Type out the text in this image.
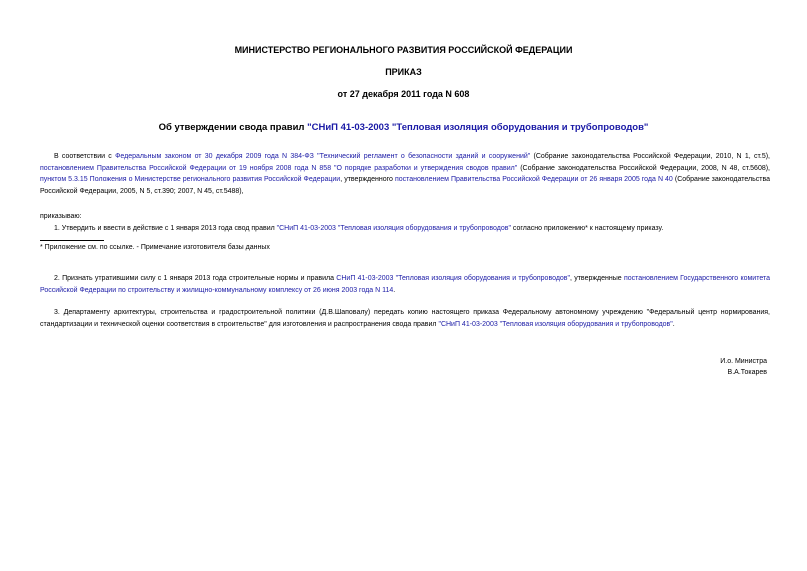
МИНИСТЕРСТВО РЕГИОНАЛЬНОГО РАЗВИТИЯ РОССИЙСКОЙ ФЕДЕРАЦИИ
ПРИКАЗ
от 27 декабря 2011 года N 608
Об утверждении свода правил "СНиП 41-03-2003 "Тепловая изоляция оборудования и трубопроводов"
В соответствии с Федеральным законом от 30 декабря 2009 года N 384-ФЗ "Технический регламент о безопасности зданий и сооружений" (Собрание законодательства Российской Федерации, 2010, N 1, ст.5), постановлением Правительства Российской Федерации от 19 ноября 2008 года N 858 "О порядке разработки и утверждения сводов правил" (Собрание законодательства Российской Федерации, 2008, N 48, ст.5608), пунктом 5.3.15 Положения о Министерстве регионального развития Российской Федерации, утвержденного постановлением Правительства Российской Федерации от 26 января 2005 года N 40 (Собрание законодательства Российской Федерации, 2005, N 5, ст.390; 2007, N 45, ст.5488),
приказываю:
1. Утвердить и ввести в действие с 1 января 2013 года свод правил "СНиП 41-03-2003 "Тепловая изоляция оборудования и трубопроводов" согласно приложению* к настоящему приказу.
* Приложение см. по ссылке. - Примечание изготовителя базы данных
2. Признать утратившими силу с 1 января 2013 года строительные нормы и правила СНиП 41-03-2003 "Тепловая изоляция оборудования и трубопроводов", утвержденные постановлением Государственного комитета Российской Федерации по строительству и жилищно-коммунальному комплексу от 26 июня 2003 года N 114.
3. Департаменту архитектуры, строительства и градостроительной политики (Д.В.Шаповалу) передать копию настоящего приказа Федеральному автономному учреждению "Федеральный центр нормирования, стандартизации и технической оценки соответствия в строительстве" для изготовления и распространения свода правил "СНиП 41-03-2003 "Тепловая изоляция оборудования и трубопроводов".
И.о. Министра
В.А.Токарев
